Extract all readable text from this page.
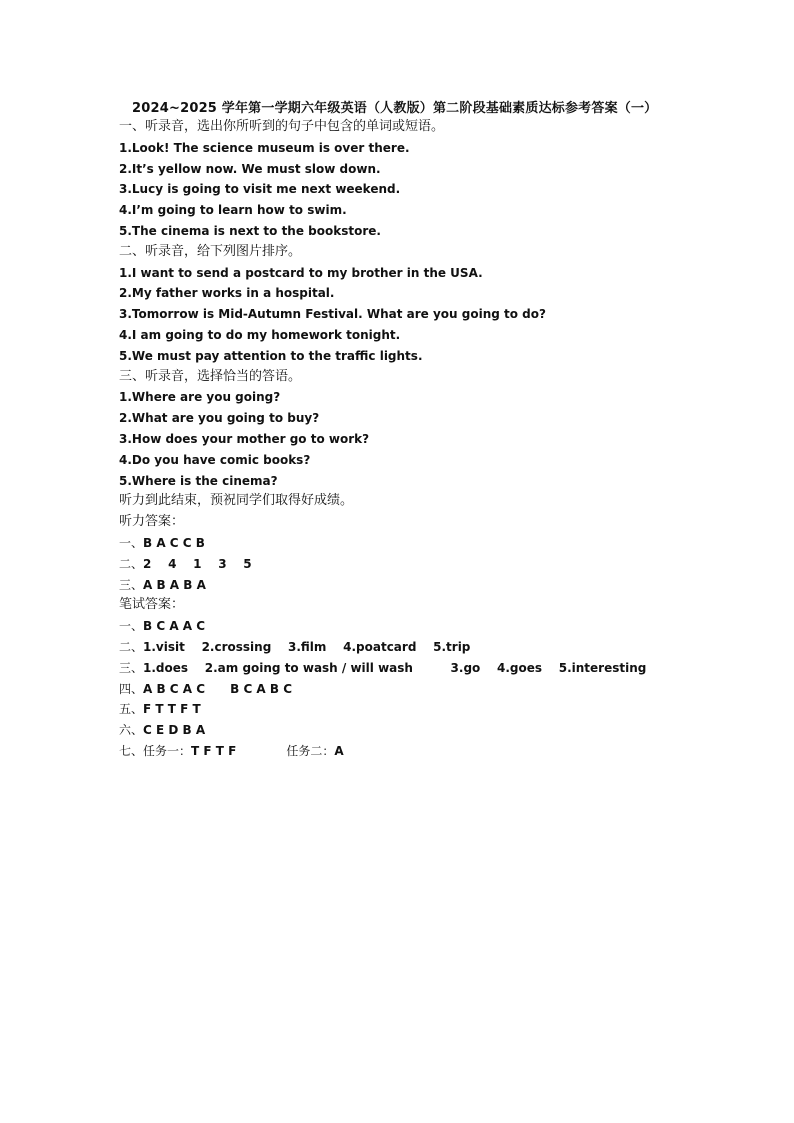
2024~2025 学年第一学期六年级英语（人教版）第二阶段基础素质达标参考答案（一）
一、听录音，选出你所听到的句子中包含的单词或短语。
1.Look! The science museum is over there.
2.It’s yellow now. We must slow down.
3.Lucy is going to visit me next weekend.
4.I’m going to learn how to swim.
5.The cinema is next to the bookstore.
二、听录音，给下列图片排序。
1.I want to send a postcard to my brother in the USA.
2.My father works in a hospital.
3.Tomorrow is Mid-Autumn Festival. What are you going to do?
4.I am going to do my homework tonight.
5.We must pay attention to the traffic lights.
三、听录音，选择恰当的答语。
1.Where are you going?
2.What are you going to buy?
3.How does your mother go to work?
4.Do you have comic books?
5.Where is the cinema?
听力到此结束，预祝同学们取得好成绩。
听力答案：
一、B A C C B
二、2    4    1    3    5
三、A B A B A
笔试答案：
一、B C A A C
二、1.visit    2.crossing    3.film    4.poatcard    5.trip
三、1.does    2.am going to wash / will wash         3.go    4.goes    5.interesting
四、A B C A C      B C A B C
五、F T T F T
六、C E D B A
七、任务一：T F T F	任务二：A
